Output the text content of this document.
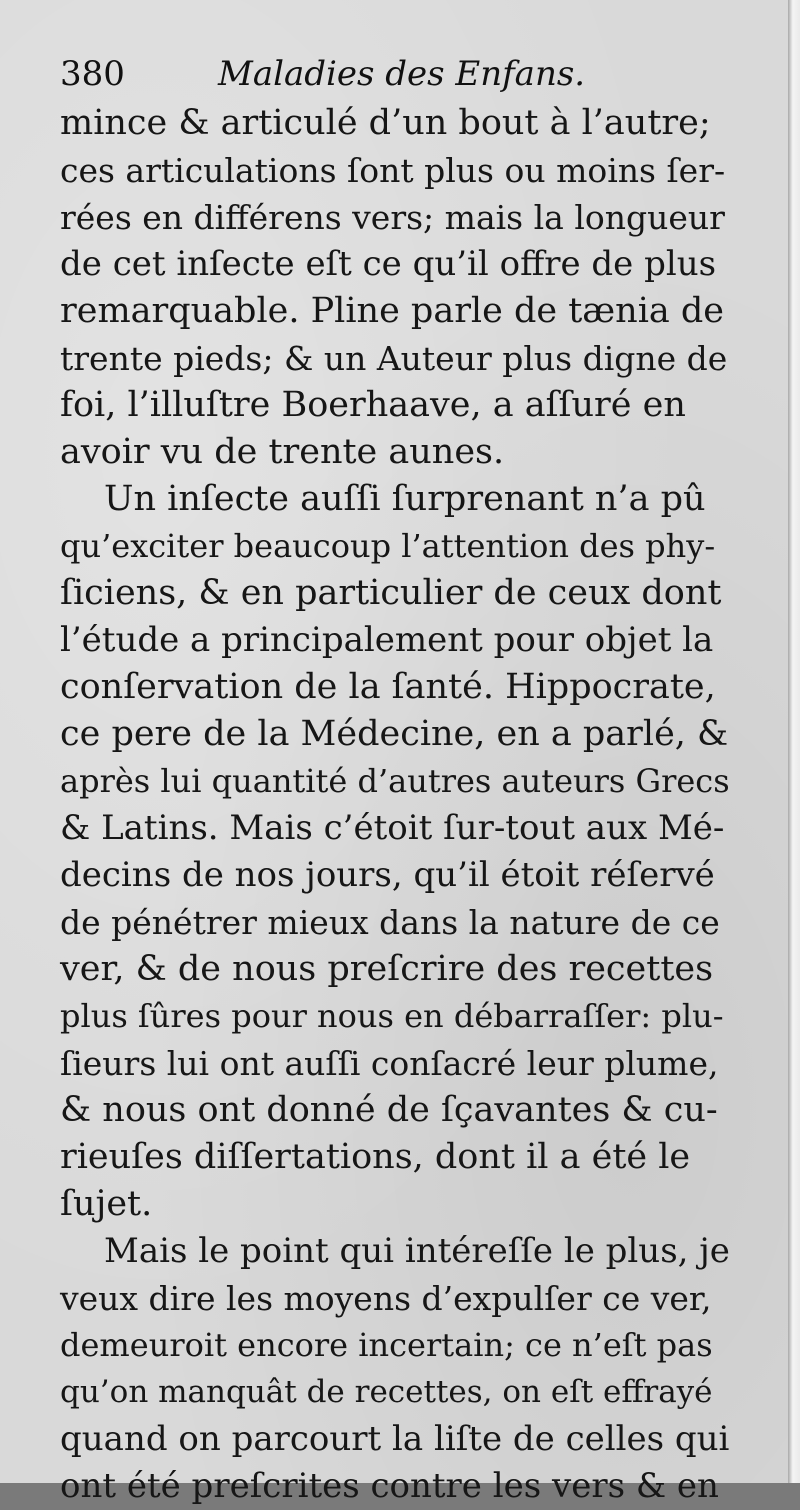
380	Maladies des Enfans.
mince & articulé d’un bout à l’autre;
ces articulations ſont plus ou moins ſer-
rées en différens vers; mais la longueur
de cet inſecte eſt ce qu’il offre de plus
remarquable. Pline parle de tænia de
trente pieds; & un Auteur plus digne de
foi, l’illuſtre Boerhaave, a aſſuré en
avoir vu de trente aunes.
Un inſecte auſſi ſurprenant n’a pû
qu’exciter beaucoup l’attention des phy-
ſiciens, & en particulier de ceux dont
l’étude a principalement pour objet la
conſervation de la ſanté. Hippocrate,
ce pere de la Médecine, en a parlé, &
après lui quantité d’autres auteurs Grecs
& Latins. Mais c’étoit ſur-tout aux Mé-
decins de nos jours, qu’il étoit réſervé
de pénétrer mieux dans la nature de ce
ver, & de nous preſcrire des recettes
plus ſûres pour nous en débarraſſer: plu-
ſieurs lui ont auſſi conſacré leur plume,
& nous ont donné de ſçavantes & cu-
rieuſes diſſertations, dont il a été le
ſujet.
Mais le point qui intéreſſe le plus, je
veux dire les moyens d’expulſer ce ver,
demeuroit encore incertain; ce n’eſt pas
qu’on manquât de recettes, on eſt effrayé
quand on parcourt la liſte de celles qui
ont été preſcrites contre les vers & en
